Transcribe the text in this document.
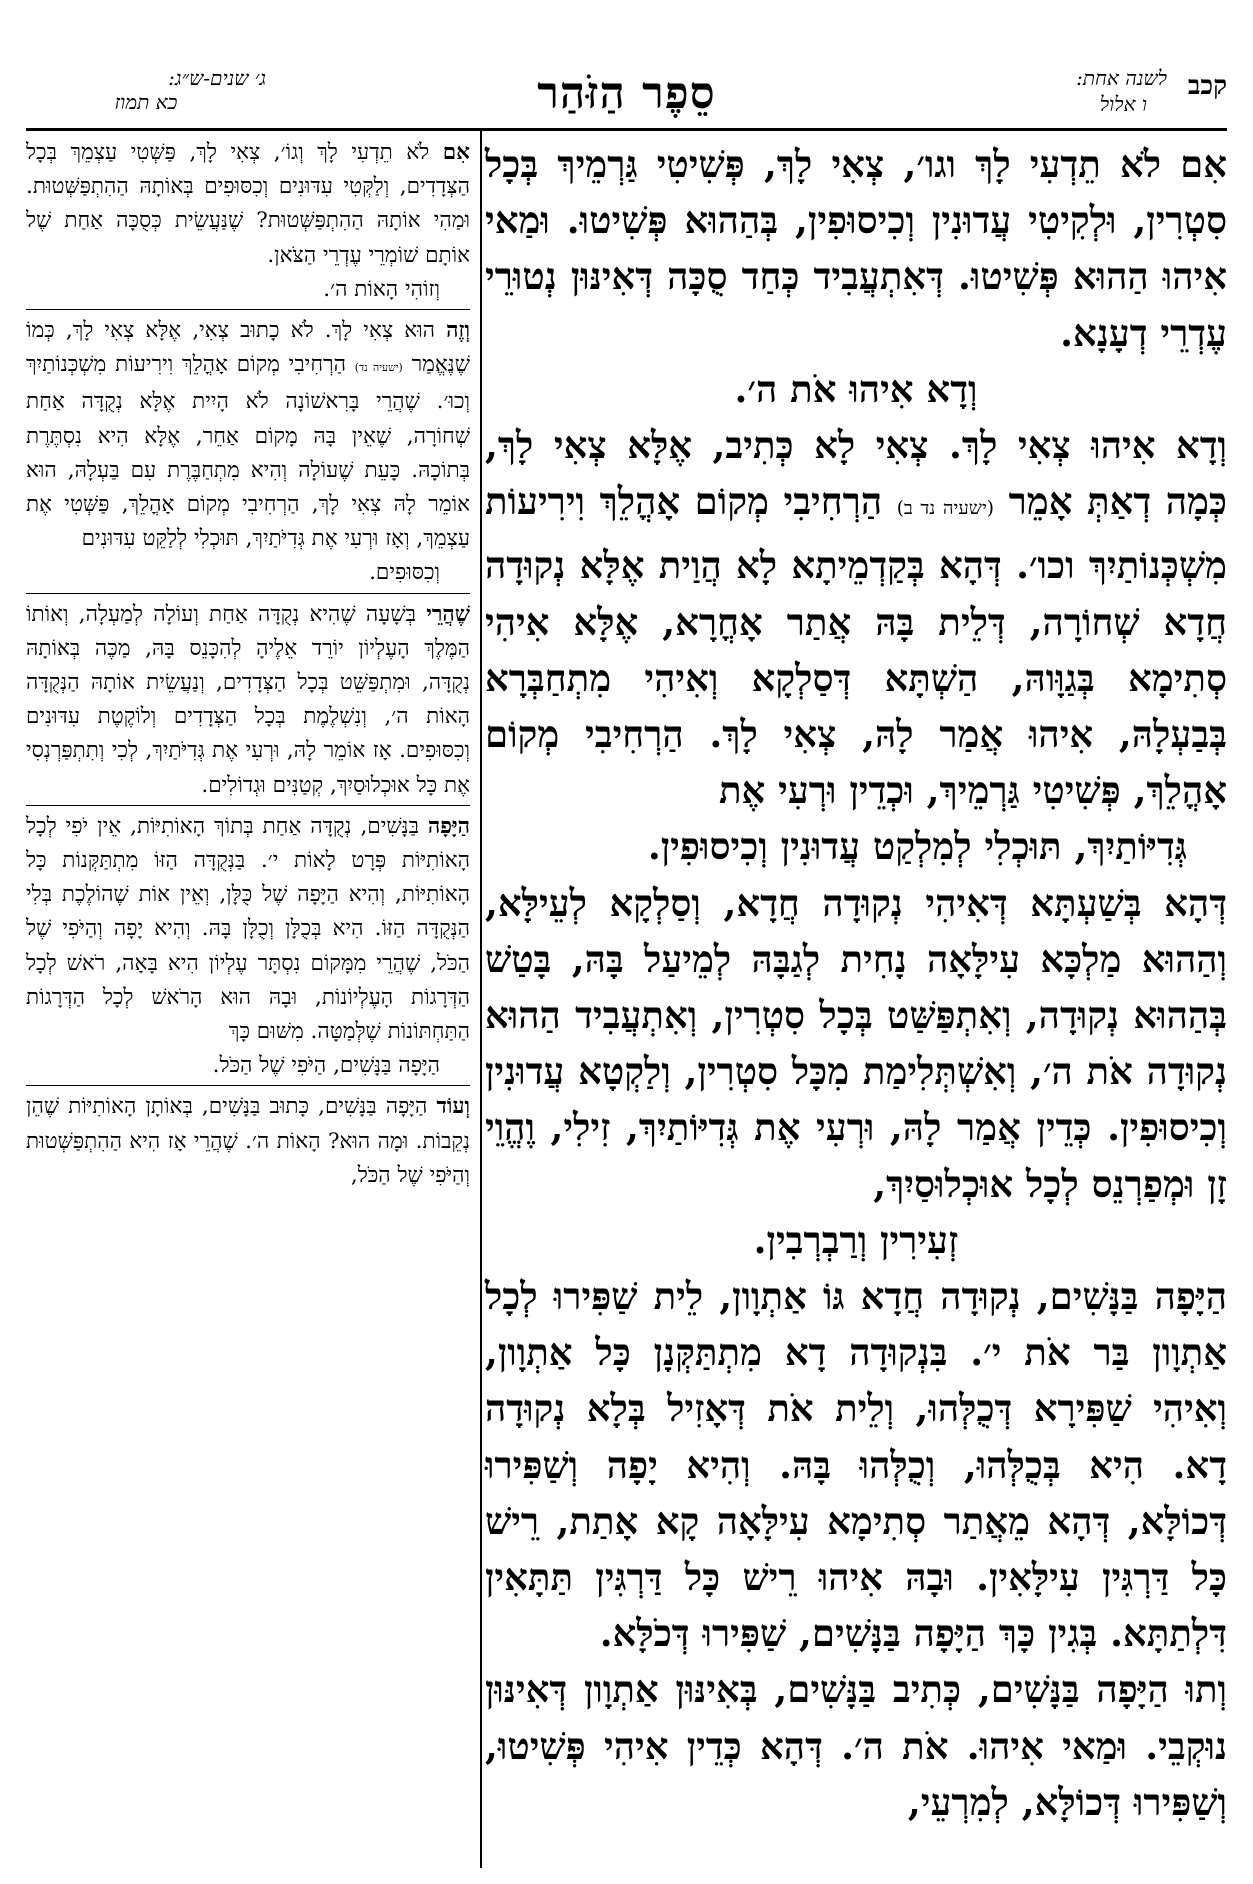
ג׳ שנים-ש״ג:
כא תמוז	סֵפֶר הַזֹּהַר	קכב
לשנה אחת:
ו אלול

אִם לֹא תֵדְעִי לָךְ וגו׳, צְאִי לָךְ, פְּשִׁיטִי גַּרְמֵיךְ בְּכָל סִטְרִין, וּלְקִיטִי עֲדוּנִין וְכִיסוּפִין, בְּהַהוּא פְּשִׁיטוּ. וּמַאי אִיהוּ הַהוּא פְּשִׁיטוּ. דְּאִתְעֲבִיד כְּחַד סֻכָּה דְּאִינּוּן נְטוּרֵי עֶדְרֵי דְעָנָא.
וְדָא אִיהוּ אֹת ה׳.

וְדָא אִיהוּ צְאִי לָךְ. צְאִי לָא כְּתִיב, אֶלָּא צְאִי לָךְ, כְּמָה דְאַתְּ אָמֵר (ישעיה נד ב) הַרְחִיבִי מְקוֹם אָהֳלֵךְ וִירִיעוֹת מִשְׁכְּנוֹתַיִךְ וכו׳. דְּהָא בְּקַדְמֵיתָא לָא הֲוַית אֶלָּא נְקוּדָה חֲדָא שְׁחוֹרָה, דְּלֵית בָּהּ אֲתַר אָחֳרָא, אֶלָּא אִיהִי סְתִימָא בְּגַוָּוהּ, הַשְׁתָּא דְּסַלְקָא וְאִיהִי מִתְחַבְּרָא בְּבַעְלָהּ, אִיהוּ אֲמַר לָהּ, צְאִי לָךְ. הַרְחִיבִי מְקוֹם אָהֳלֵךְ, פְּשִׁיטִי גַּרְמֵיךְ, וּכְדֵין וּרְעִי אֶת
גְּדִיּוֹתַיִךְ, תּוּכְלִי לְמִלְקַט עֲדוּנִין וְכִיסוּפִין.

דְּהָא בְּשַׁעְתָּא דְּאִיהִי נְקוּדָה חֲדָא, וְסַלְקָא לְעֵילָּא, וְהַהוּא מַלְכָּא עִילָּאָה נָחִית לְגַבָּהּ לְמֵיעַל בָּהּ, בָּטַשׁ בְּהַהוּא נְקוּדָה, וְאִתְפַּשַּׁט בְּכָל סִטְרִין, וְאִתְעֲבִיד הַהוּא נְקוּדָה אֹת ה׳, וְאִשְׁתְּלִימַת מִכָּל סִטְרִין, וְלַקְטָא עֲדוּנִין וְכִיסוּפִין. כְּדֵין אֲמַר לָהּ, וּרְעִי אֶת גְּדִיּוֹתַיִךְ, זִילִי, וֶהֱוֵי זָן וּמְפַרְנֵס לְכָל אוּכְלוּסַיִךְ,
זְעִירִין וְרַבְרְבִין.

הַיָּפָה בַּנָּשִׁים, נְקוּדָה חֲדָא גּוֹ אַתְוָון, לֵית שַׁפִּירוּ לְכָל אַתְוָון בַּר אֹת י׳. בִּנְקוּדָה דָא מִתְתַּקְּנָן כָּל אַתְוָון, וְאִיהִי שַׁפִּירָא דְּכֻלְּהוּ, וְלֵית אֹת דְּאָזִיל בְּלָא נְקוּדָה דָא. הִיא בְּכֻלְּהוּ, וְכֻלְּהוּ בָּהּ. וְהִיא יָפָה וְשַׁפִּירוּ דְּכוֹלָּא, דְּהָא מֵאֲתַר סְתִימָא עִילָּאָה קָא אָתַת, רֵישׁ כָּל דַּרְגִּין עִילָּאִין. וּבָהּ אִיהוּ רֵישׁ כָּל דַּרְגִּין תַּתָּאִין דִּלְתַתָּא. בְּגִין כָּךְ הַיָּפָה בַּנָּשִׁים, שַׁפִּירוּ דְּכֹלָּא.

וְתוּ הַיָּפָה בַּנָּשִׁים, כְּתִיב בַּנָּשִׁים, בְּאִינּוּן אַתְוָון דְּאִינּוּן נוּקְבֵי. וּמַאי אִיהוּ. אֹת ה׳. דְּהָא כְּדֵין אִיהִי פְּשִׁיטוּ, וְשַׁפִּירוּ דְּכוֹלָּא, לְמִרְעֵי,

אִם לֹא תֵדְעִי לָךְ וְגוֹ׳, צְאִי לָךְ, פַּשְּׁטִי עַצְמֵךְ בְּכָל הַצְּדָדִים, וְלַקְּטִי עִדּוּנִים וְכִסּוּפִים בְּאוֹתָהּ הַהִתְפַּשְּׁטוּת. וּמַהִי אוֹתָהּ הַהִתְפַּשְּׁטוּת? שֶׁנַּעֲשֵׂית כְּסֻכָּה אַחַת שֶׁל אוֹתָם שׁוֹמְרֵי עֶדְרֵי הַצֹּאן.
וְזוֹהִי הָאוֹת ה׳.

וְזֶה הוּא צְאִי לָךְ. לֹא כָתוּב צְאִי, אֶלָּא צְאִי לָךְ, כְּמוֹ שֶׁנֶּאֱמַר (ישעיה נד) הַרְחִיבִי מְקוֹם אָהֳלֵךְ וִירִיעוֹת מִשְׁכְּנוֹתַיִךְ וְכוּ׳. שֶׁהֲרֵי בָּרִאשׁוֹנָה לֹא הָיִית אֶלָּא נְקֻדָּה אַחַת שְׁחוֹרָה, שֶׁאֵין בָּהּ מָקוֹם אַחֵר, אֶלָּא הִיא נִסְתֶּרֶת בְּתוֹכָהּ. כָּעֵת שֶׁעוֹלָה וְהִיא מִתְחַבֶּרֶת עִם בַּעְלָהּ, הוּא אוֹמֵר לָהּ צְאִי לָךְ, הַרְחִיבִי מְקוֹם אָהֳלֵךְ, פַּשְּׁטִי אֶת עַצְמֵךְ, וְאָז וּרְעִי אֶת גְּדִיֹּתַיִךְ, תּוּכְלִי לְלַקֵּט עִדּוּנִים
וְכִסּוּפִים.

שֶׁהֲרֵי בְּשָׁעָה שֶׁהִיא נְקֻדָּה אַחַת וְעוֹלָה לְמַעְלָה, וְאוֹתוֹ הַמֶּלֶךְ הָעֶלְיוֹן יוֹרֵד אֵלֶיהָ לְהִכָּנֵס בָּהּ, מַכֶּה בְּאוֹתָהּ נְקֻדָּה, וּמִתְפַּשֵּׁט בְּכָל הַצְּדָדִים, וְנַעֲשֵׂית אוֹתָהּ הַנְּקֻדָּה הָאוֹת ה׳, וְנִשְׁלֶמֶת בְּכָל הַצְּדָדִים וְלוֹקֶטֶת עִדּוּנִים וְכִסּוּפִים. אָז אוֹמֵר לָהּ, וּרְעִי אֶת גְּדִיֹּתַיִךְ, לְכִי וְתִתְפַּרְנְסִי אֶת כָּל אוּכְלוּסַיִךְ, קְטַנִּים וּגְדוֹלִים.

הַיָּפָה בַּנָּשִׁים, נְקֻדָּה אַחַת בְּתוֹךְ הָאוֹתִיּוֹת, אֵין יֹפִי לְכָל הָאוֹתִיּוֹת פְּרָט לָאוֹת י׳. בַּנְּקֻדָּה הַזּוֹ מִתְתַּקְּנוֹת כָּל הָאוֹתִיּוֹת, וְהִיא הַיָּפָה שֶׁל כֻּלָּן, וְאֵין אוֹת שֶׁהוֹלֶכֶת בְּלִי הַנְּקֻדָּה הַזּוֹ. הִיא בְּכֻלָּן וְכֻלָּן בָּהּ. וְהִיא יָפָה וְהַיֹּפִי שֶׁל הַכֹּל, שֶׁהֲרֵי מִמָּקוֹם נִסְתָּר עֶלְיוֹן הִיא בָּאָה, רֹאשׁ לְכָל הַדְּרָגוֹת הָעֶלְיוֹנוֹת, וּבָהּ הוּא הָרֹאשׁ לְכָל הַדְּרָגוֹת הַתַּחְתּוֹנוֹת שֶׁלְּמַטָּה. מִשּׁוּם כָּךְ
הַיָּפָה בַּנָּשִׁים, הַיֹּפִי שֶׁל הַכֹּל.

וְעוֹד הַיָּפָה בַּנָּשִׁים, כָּתוּב בַּנָּשִׁים, בְּאוֹתָן הָאוֹתִיּוֹת שֶׁהֵן נְקֵבוֹת. וּמָה הוּא? הָאוֹת ה׳. שֶׁהֲרֵי אָז הִיא הַהִתְפַּשְּׁטוּת וְהַיֹּפִי שֶׁל הַכֹּל,
